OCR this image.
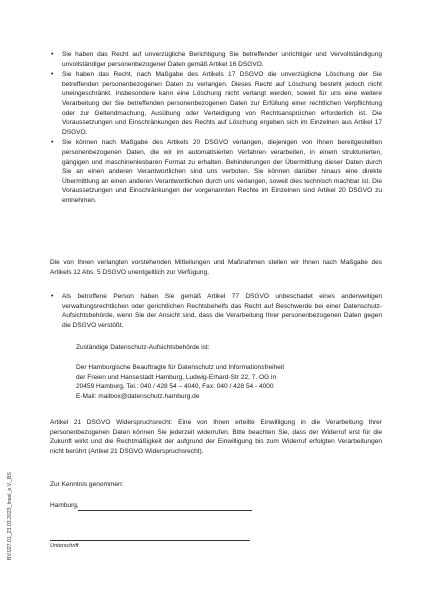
• Sie haben das Recht auf unverzügliche Berichtigung Sie betreffender unrichtiger und Vervollständigung unvollständiger personenbezogener Daten gemäß Artikel 16 DSGVO.
• Sie haben das Recht, nach Maßgabe des Artikels 17 DSGVO die unverzügliche Löschung der Sie betreffenden personenbezogenen Daten zu verlangen. Dieses Recht auf Löschung besteht jedoch nicht uneingeschränkt. Insbesondere kann eine Löschung nicht verlangt werden, soweit für uns eine weitere Verarbeitung der Sie betreffenden personenbezogenen Daten zur Erfüllung einer rechtlichen Verpflichtung oder zur Geltendmachung, Ausübung oder Verteidigung von Rechtsansprüchen erforderlich ist. Die Voraussetzungen und Einschränkungen des Rechts auf Löschung ergeben sich im Einzelnen aus Artikel 17 DSGVO.
• Sie können nach Maßgabe des Artikels 20 DSGVO verlangen, diejenigen von Ihnen bereitgestellten personenbezogenen Daten, die wir im automatisierten Verfahren verarbeiten, in einem strukturierten, gängigen und maschinenlesbaren Format zu erhalten. Behinderungen der Übermittlung dieser Daten durch Sie an einen anderen Verantwortlichen sind uns verboten. Sie können darüber hinaus eine direkte Übermittlung an einen anderen Verantwortlichen durch uns verlangen, soweit dies technisch machbar ist. Die Voraussetzungen und Einschränkungen der vorgenannten Rechte im Einzelnen sind Artikel 20 DSGVO zu entnehmen.

Die von Ihnen verlangten vorstehenden Mitteilungen und Maßnahmen stellen wir Ihnen nach Maßgabe des Artikels 12 Abs. 5 DSGVO unentgeltlich zur Verfügung.

• Als betroffene Person haben Sie gemäß Artikel 77 DSGVO unbeschadet eines anderweitigen verwaltungsrechtlichen oder gerichtlichen Rechtsbehelfs das Recht auf Beschwerde bei einer Datenschutz-Aufsichtsbehörde, wenn Sie der Ansicht sind, dass die Verarbeitung Ihrer personenbezogenen Daten gegen die DSGVO verstößt.
Zuständige Datenschutz-Aufsichtsbehörde ist:
Der Hamburgische Beauftragte für Datenschutz und Informationsfreiheit
der Freien und Hansestadt Hamburg, Ludwig-Erhard-Str 22, 7. OG in
20459 Hamburg, Tel.: 040 / 428 54 – 4040, Fax: 040 / 428 54 - 4000
E-Mail: mailbox@datenschutz.hamburg.de

Artikel 21 DSGVO Widerspruchsrecht: Eine von Ihnen erteilte Einwilligung in die Verarbeitung Ihrer personenbezogenen Daten können Sie jederzeit widerrufen. Bitte beachten Sie, dass der Widerruf erst für die Zukunft wirkt und die Rechtmäßigkeit der aufgrund der Einwilligung bis zum Widerruf erfolgten Verarbeitungen nicht berührt (Artikel 21 DSGVO Widerspruchsrecht).

Zur Kenntnis genommen:

Hamburg,

Unterschrift

BV.027.01_23.03.2023_Insel_e.V._BS
